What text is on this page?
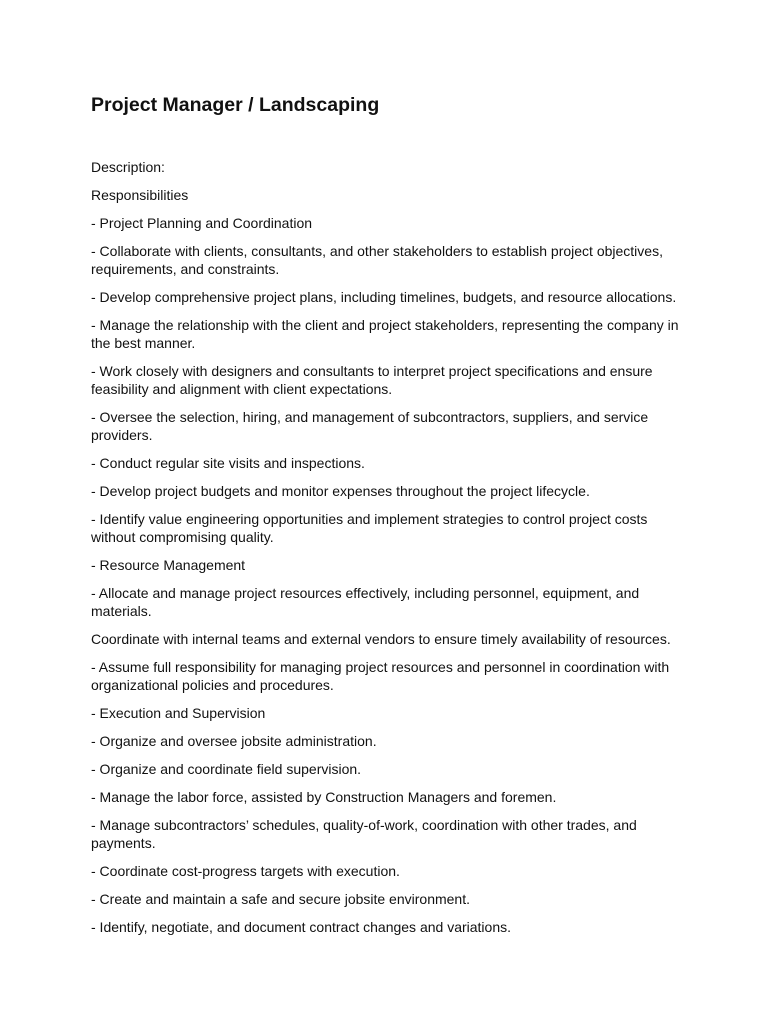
Project Manager / Landscaping
Description:
Responsibilities
- Project Planning and Coordination
- Collaborate with clients, consultants, and other stakeholders to establish project objectives, requirements, and constraints.
- Develop comprehensive project plans, including timelines, budgets, and resource allocations.
- Manage the relationship with the client and project stakeholders, representing the company in the best manner.
- Work closely with designers and consultants to interpret project specifications and ensure feasibility and alignment with client expectations.
- Oversee the selection, hiring, and management of subcontractors, suppliers, and service providers.
- Conduct regular site visits and inspections.
- Develop project budgets and monitor expenses throughout the project lifecycle.
- Identify value engineering opportunities and implement strategies to control project costs without compromising quality.
- Resource Management
- Allocate and manage project resources effectively, including personnel, equipment, and materials.
Coordinate with internal teams and external vendors to ensure timely availability of resources.
- Assume full responsibility for managing project resources and personnel in coordination with organizational policies and procedures.
- Execution and Supervision
- Organize and oversee jobsite administration.
- Organize and coordinate field supervision.
- Manage the labor force, assisted by Construction Managers and foremen.
- Manage subcontractors’ schedules, quality-of-work, coordination with other trades, and payments.
- Coordinate cost-progress targets with execution.
- Create and maintain a safe and secure jobsite environment.
- Identify, negotiate, and document contract changes and variations.
